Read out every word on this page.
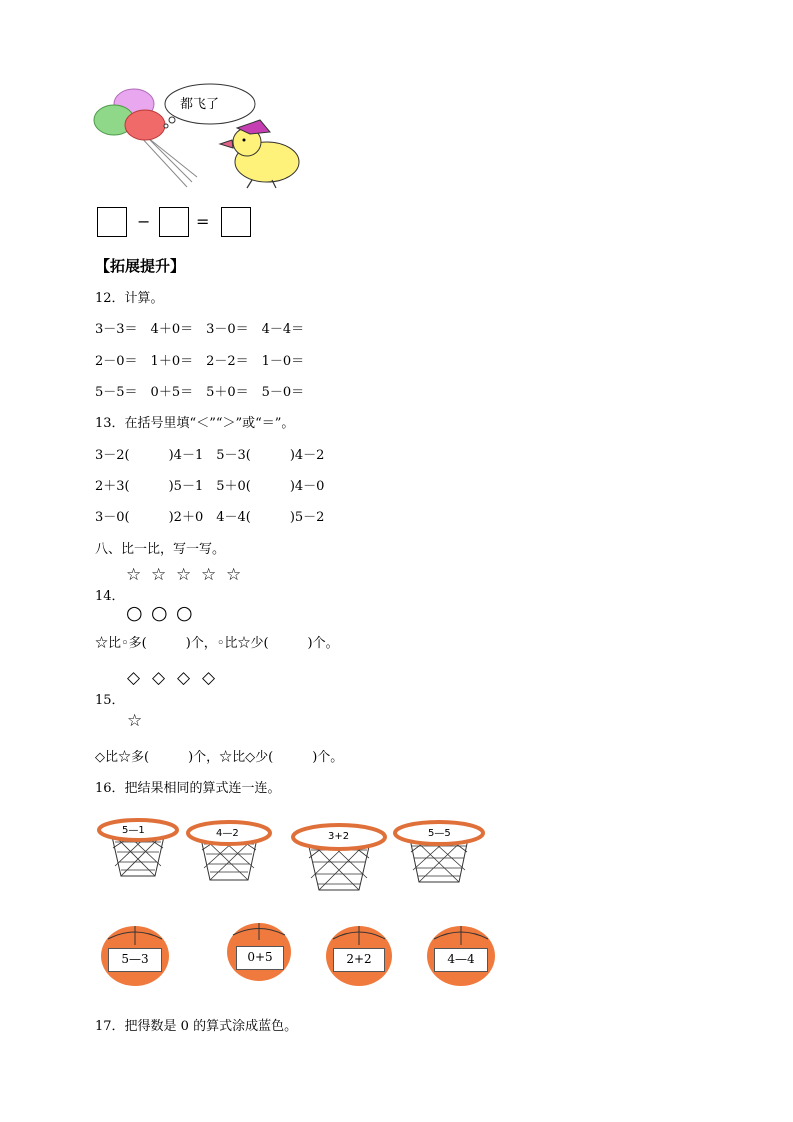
都飞了
−	=
【拓展提升】
12．计算。
3－3＝　4＋0＝　3－0＝　4－4＝
2－0＝　1＋0＝　2－2＝　1－0＝
5－5＝　0＋5＝　5＋0＝　5－0＝
13．在括号里填“＜”“＞”或“＝”。
3－2(　　　)4－1　5－3(　　　)4－2
2＋3(　　　)5－1　5＋0(　　　)4－0
3－0(　　　)2＋0　4－4(　　　)5－2
八、比一比，写一写。
☆ ☆ ☆ ☆ ☆
14．
○ ○ ○
☆比◦多(　　　)个，◦比☆少(　　　)个。
◇ ◇ ◇ ◇
15．
☆
◇比☆多(　　　)个，☆比◇少(　　　)个。
16．把结果相同的算式连一连。
5—1	4—2	3+2	5—5
5—3	0+5	2+2	4—4
17．把得数是 0 的算式涂成蓝色。
